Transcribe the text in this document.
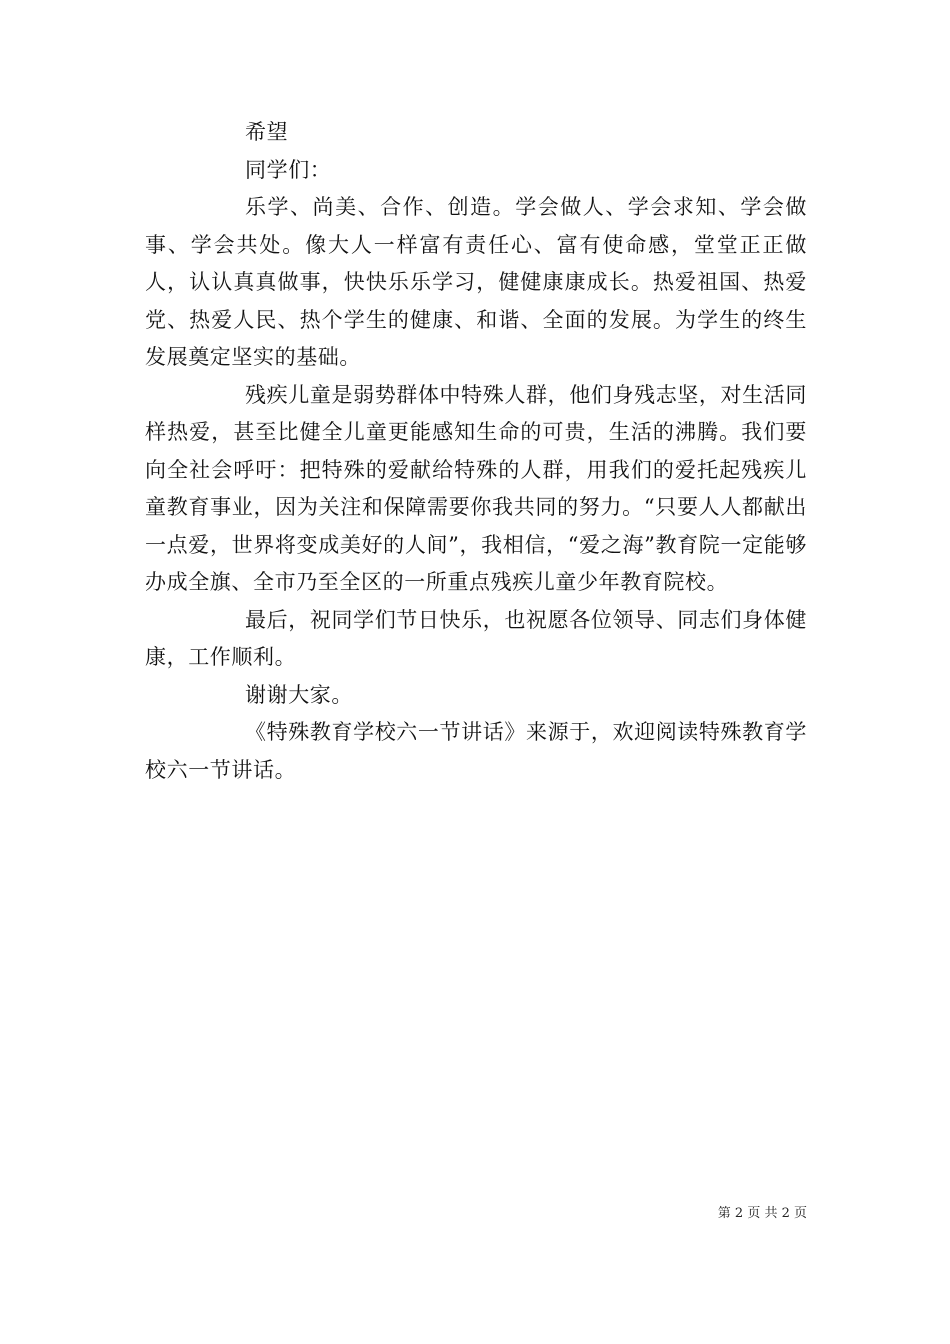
希望

同学们：

乐学、尚美、合作、创造。学会做人、学会求知、学会做事、学会共处。像大人一样富有责任心、富有使命感，堂堂正正做人，认认真真做事，快快乐乐学习，健健康康成长。热爱祖国、热爱党、热爱人民、热个学生的健康、和谐、全面的发展。为学生的终生发展奠定坚实的基础。

残疾儿童是弱势群体中特殊人群，他们身残志坚，对生活同样热爱，甚至比健全儿童更能感知生命的可贵，生活的沸腾。我们要向全社会呼吁：把特殊的爱献给特殊的人群，用我们的爱托起残疾儿童教育事业，因为关注和保障需要你我共同的努力。“只要人人都献出一点爱，世界将变成美好的人间”，我相信，“爱之海”教育院一定能够办成全旗、全市乃至全区的一所重点残疾儿童少年教育院校。

最后，祝同学们节日快乐，也祝愿各位领导、同志们身体健康，工作顺利。

谢谢大家。

《特殊教育学校六一节讲话》来源于，欢迎阅读特殊教育学校六一节讲话。

第 2 页 共 2 页
